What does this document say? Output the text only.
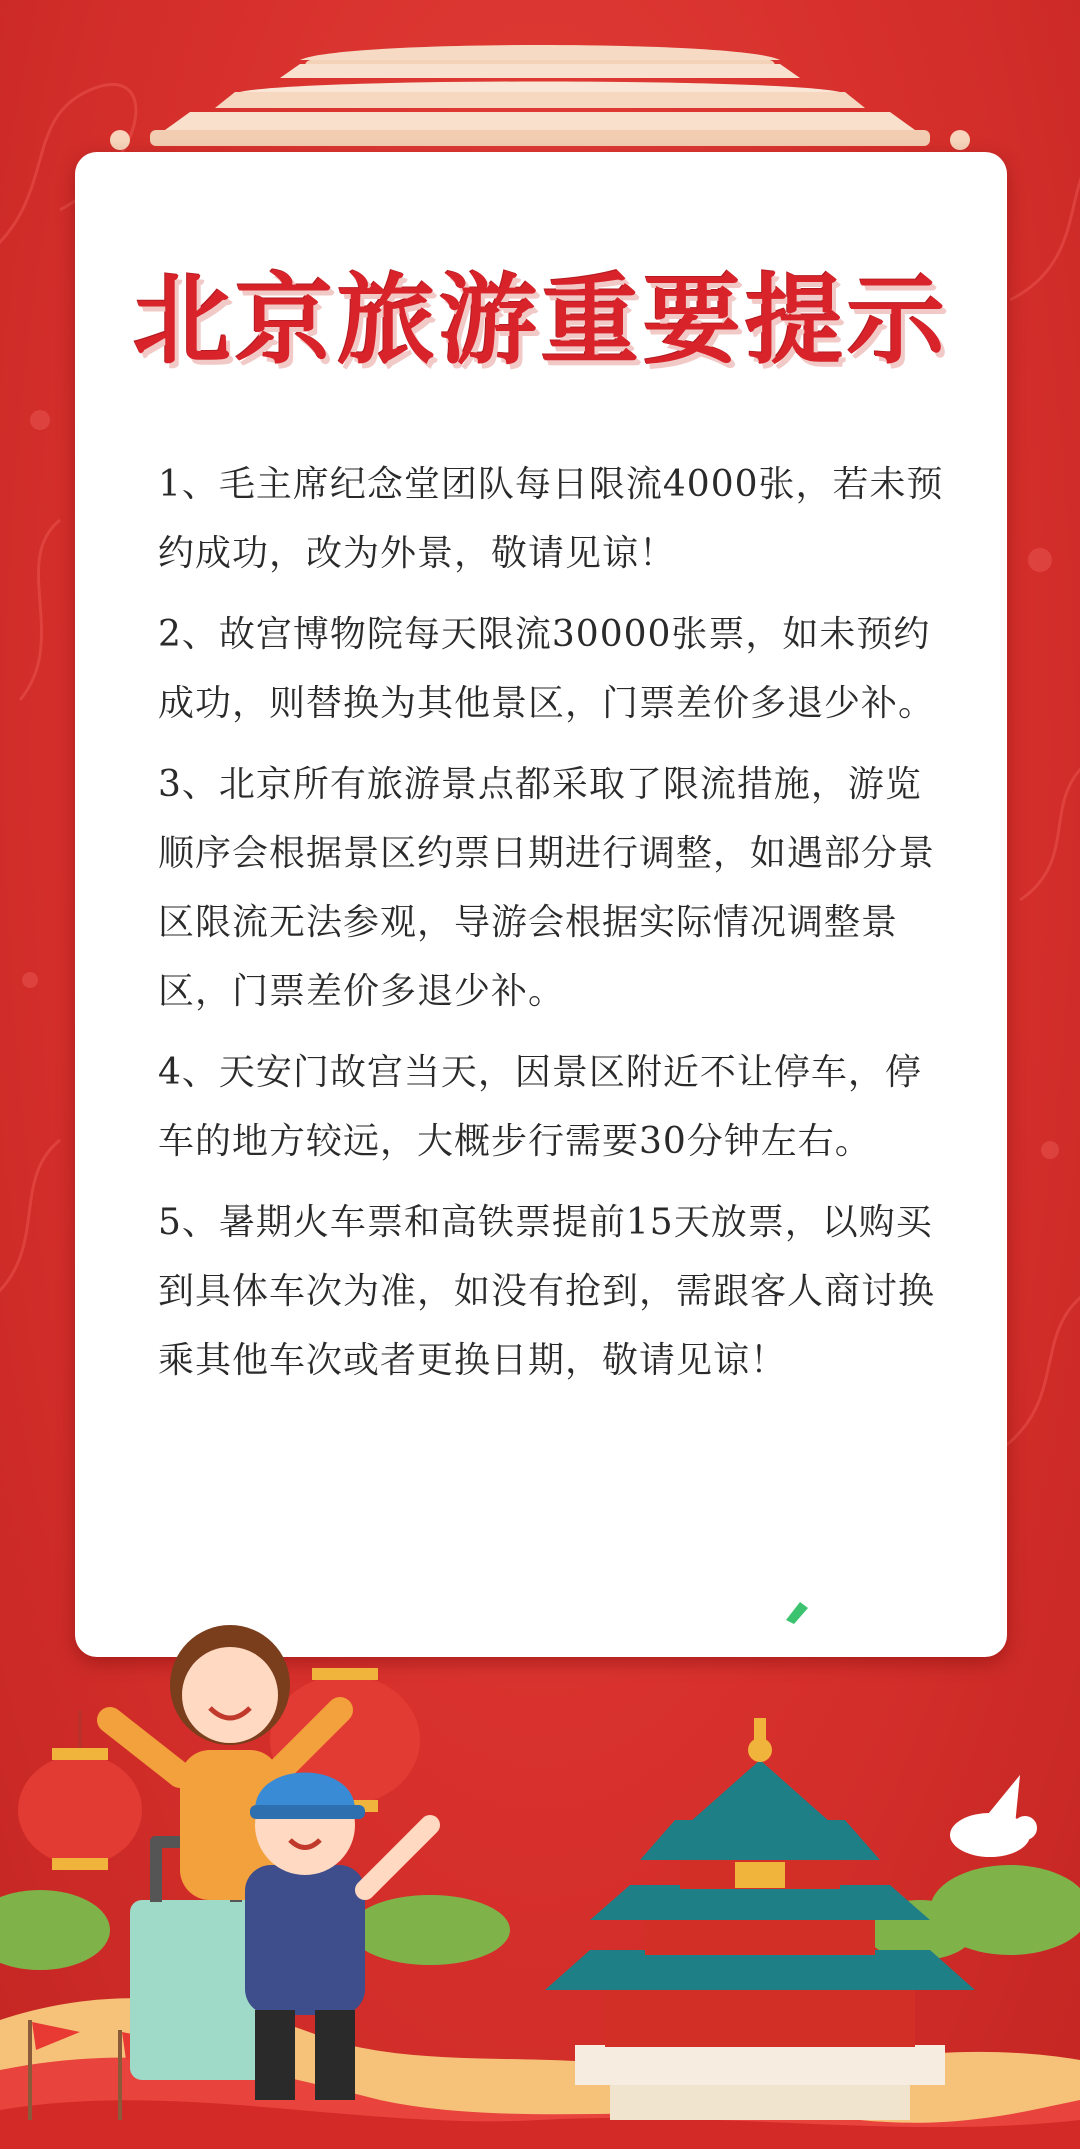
北京旅游重要提示

1、毛主席纪念堂团队每日限流4000张，若未预约成功，改为外景，敬请见谅！

2、故宫博物院每天限流30000张票，如未预约成功，则替换为其他景区，门票差价多退少补。

3、北京所有旅游景点都采取了限流措施，游览顺序会根据景区约票日期进行调整，如遇部分景区限流无法参观，导游会根据实际情况调整景区，门票差价多退少补。

4、天安门故宫当天，因景区附近不让停车，停车的地方较远，大概步行需要30分钟左右。

5、暑期火车票和高铁票提前15天放票，以购买到具体车次为准，如没有抢到，需跟客人商讨换乘其他车次或者更换日期，敬请见谅！
